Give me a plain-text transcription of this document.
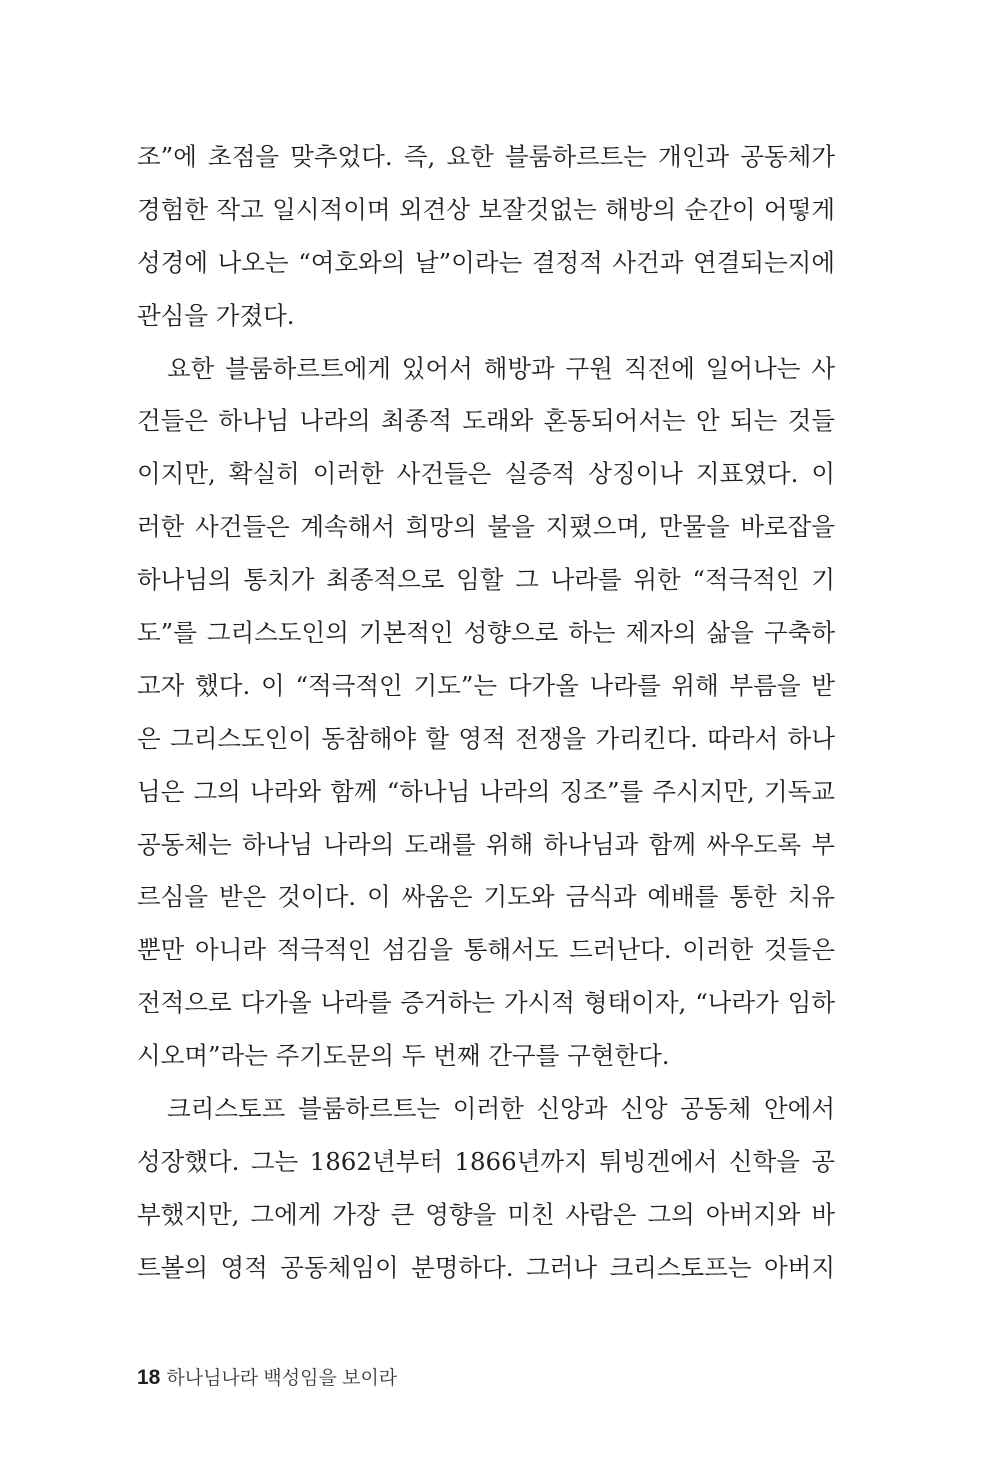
조”에 초점을 맞추었다. 즉, 요한 블룸하르트는 개인과 공동체가
경험한 작고 일시적이며 외견상 보잘것없는 해방의 순간이 어떻게
성경에 나오는 “여호와의 날”이라는 결정적 사건과 연결되는지에
관심을 가졌다.
요한 블룸하르트에게 있어서 해방과 구원 직전에 일어나는 사
건들은 하나님 나라의 최종적 도래와 혼동되어서는 안 되는 것들
이지만, 확실히 이러한 사건들은 실증적 상징이나 지표였다. 이
러한 사건들은 계속해서 희망의 불을 지폈으며, 만물을 바로잡을
하나님의 통치가 최종적으로 임할 그 나라를 위한 “적극적인 기
도”를 그리스도인의 기본적인 성향으로 하는 제자의 삶을 구축하
고자 했다. 이 “적극적인 기도”는 다가올 나라를 위해 부름을 받
은 그리스도인이 동참해야 할 영적 전쟁을 가리킨다. 따라서 하나
님은 그의 나라와 함께 “하나님 나라의 징조”를 주시지만, 기독교
공동체는 하나님 나라의 도래를 위해 하나님과 함께 싸우도록 부
르심을 받은 것이다. 이 싸움은 기도와 금식과 예배를 통한 치유
뿐만 아니라 적극적인 섬김을 통해서도 드러난다. 이러한 것들은
전적으로 다가올 나라를 증거하는 가시적 형태이자, “나라가 임하
시오며”라는 주기도문의 두 번째 간구를 구현한다.
크리스토프 블룸하르트는 이러한 신앙과 신앙 공동체 안에서
성장했다. 그는 1862년부터 1866년까지 튀빙겐에서 신학을 공
부했지만, 그에게 가장 큰 영향을 미친 사람은 그의 아버지와 바
트볼의 영적 공동체임이 분명하다. 그러나 크리스토프는 아버지
18 하나님나라 백성임을 보이라
